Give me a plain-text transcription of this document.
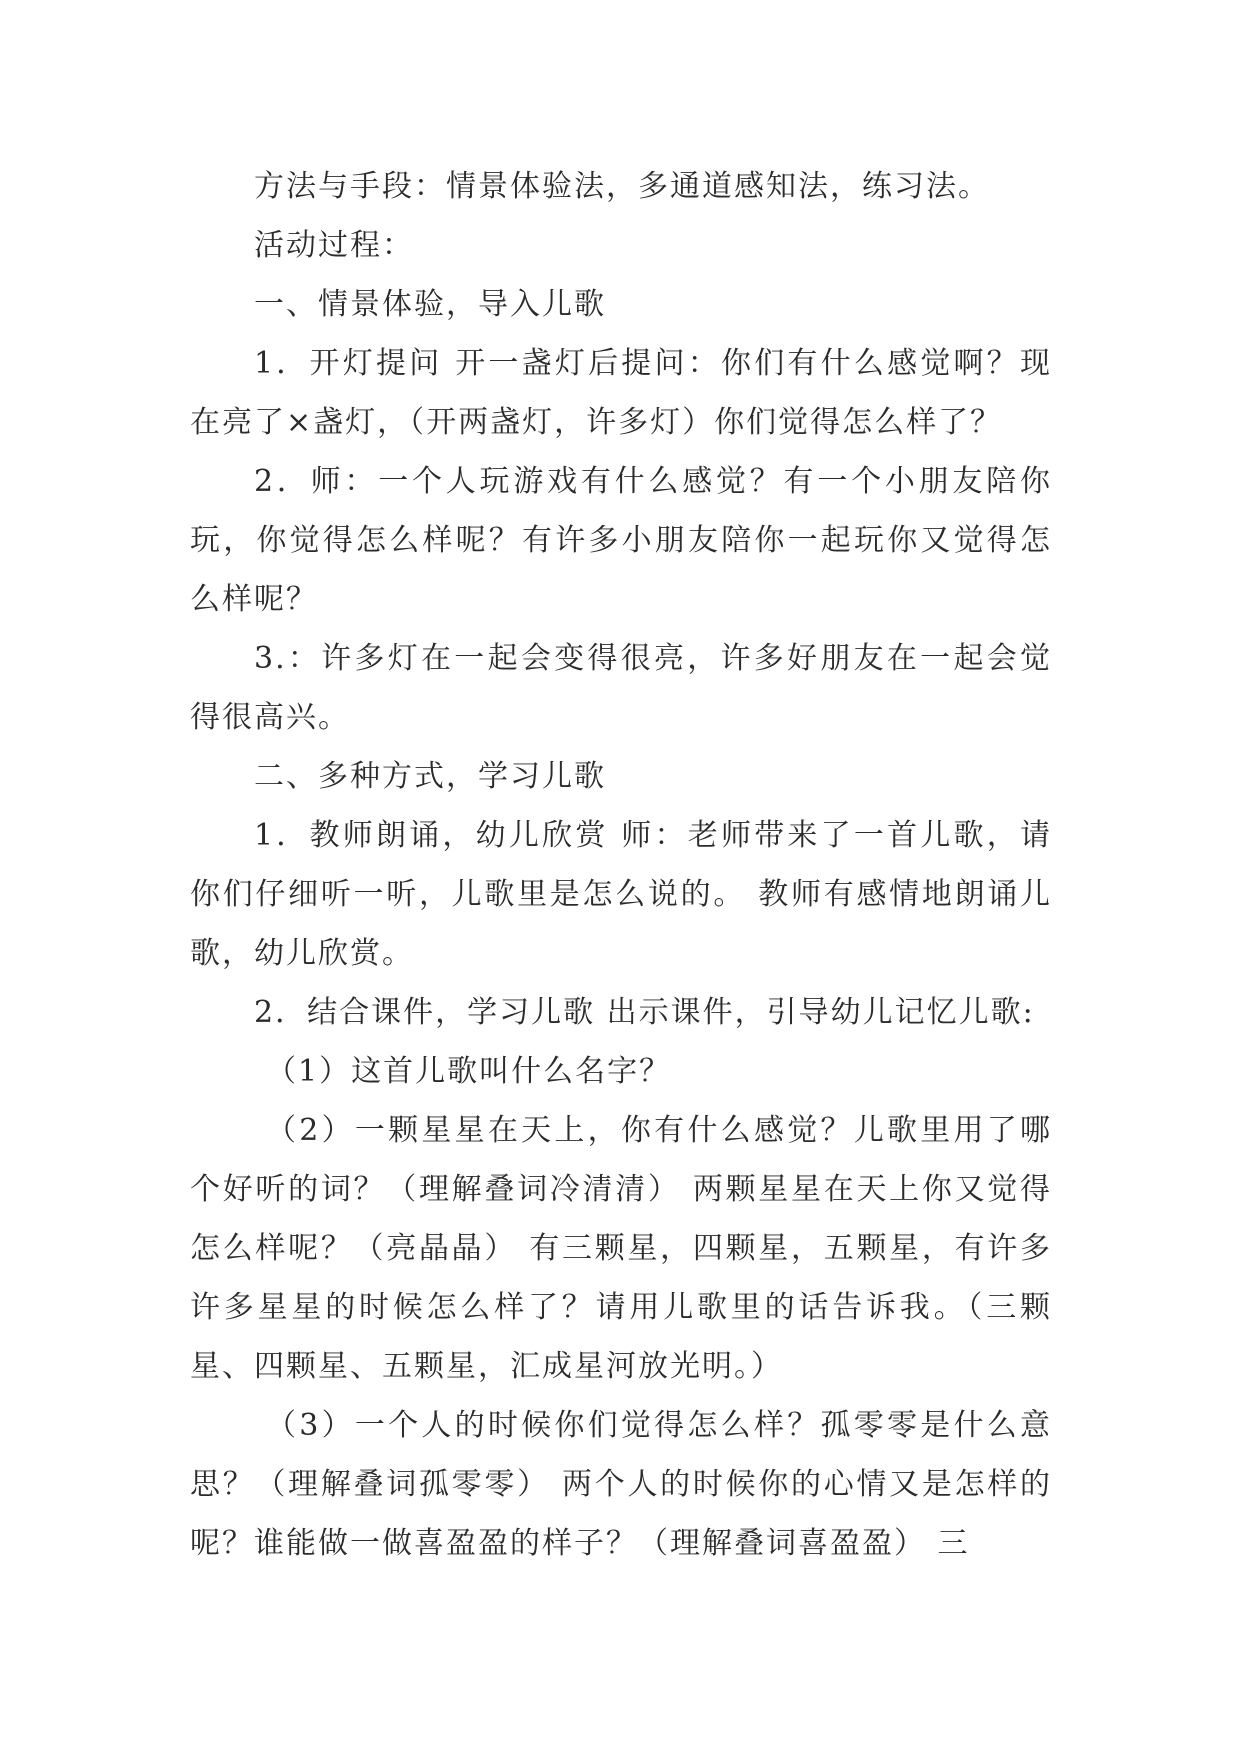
方法与手段：情景体验法，多通道感知法，练习法。

活动过程：

一、情景体验，导入儿歌

1．开灯提问 开一盏灯后提问：你们有什么感觉啊？现在亮了×盏灯，（开两盏灯，许多灯）你们觉得怎么样了？

2．师：一个人玩游戏有什么感觉？有一个小朋友陪你玩，你觉得怎么样呢？有许多小朋友陪你一起玩你又觉得怎么样呢？

3.：许多灯在一起会变得很亮，许多好朋友在一起会觉得很高兴。

二、多种方式，学习儿歌

1．教师朗诵，幼儿欣赏 师：老师带来了一首儿歌，请你们仔细听一听，儿歌里是怎么说的。 教师有感情地朗诵儿歌，幼儿欣赏。

2．结合课件，学习儿歌 出示课件，引导幼儿记忆儿歌:

（1）这首儿歌叫什么名字？

（2）一颗星星在天上，你有什么感觉？儿歌里用了哪个好听的词？（理解叠词冷清清） 两颗星星在天上你又觉得怎么样呢？（亮晶晶） 有三颗星，四颗星，五颗星，有许多许多星星的时候怎么样了？请用儿歌里的话告诉我。（三颗星、四颗星、五颗星，汇成星河放光明。）

（3）一个人的时候你们觉得怎么样？孤零零是什么意思？（理解叠词孤零零） 两个人的时候你的心情又是怎样的呢？谁能做一做喜盈盈的样子？（理解叠词喜盈盈） 三
